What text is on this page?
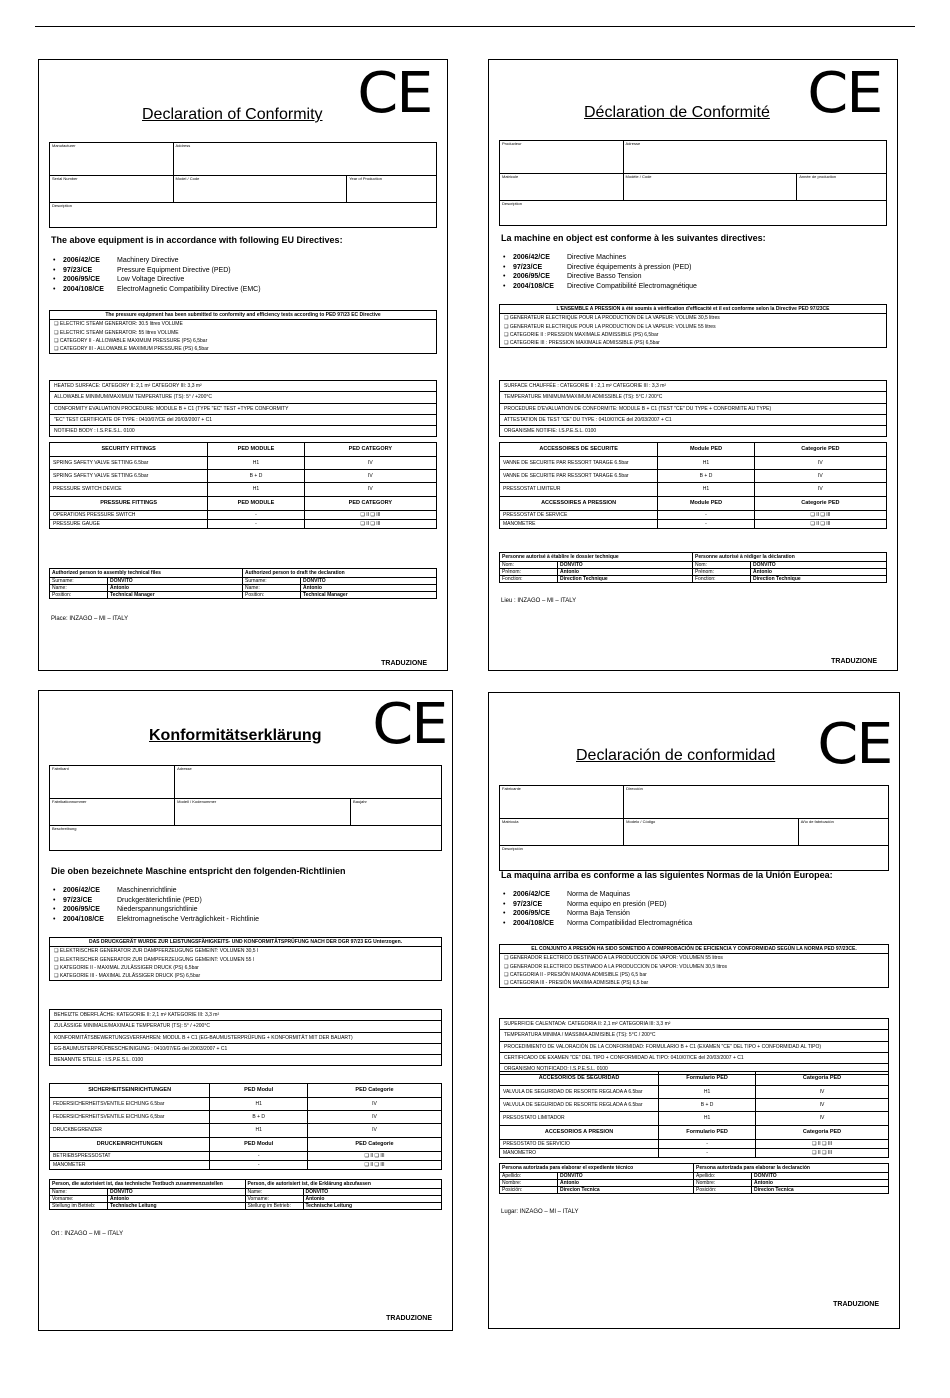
Declaration of Conformity CE
Manufacturer	Address
Serial Number	Model / Code	Year of Production
Description
The above equipment is in accordance with following EU Directives:
• 2006/42/CE	Machinery Directive
• 97/23/CE	Pressure Equipment Directive (PED)
• 2006/95/CE	Low Voltage Directive
• 2004/108/CE	ElectroMagnetic Compatibility Directive (EMC)
The pressure equipment has been submitted to conformity and efficiency tests according to PED 97/23 EC Directive
❑ ELECTRIC STEAM GENERATOR: 30.5 litres VOLUME
❑ ELECTRIC STEAM GENERATOR: 55 litres VOLUME
❑ CATEGORY II - ALLOWABLE MAXIMUM PRESSURE (PS) 6,5bar
❑ CATEGORY III - ALLOWABLE MAXIMUM PRESSURE (PS) 6,5bar
HEATED SURFACE: CATEGORY II: 2,1 m² CATEGORY III: 3,3 m²
ALLOWABLE MINIMUM/MAXIMUM TEMPERATURE (TS): 5° / +200°C
CONFORMITY EVALUATION PROCEDURE: MODULE B + C1 (TYPE "EC" TEST +TYPE CONFORMITY
"EC" TEST CERTIFICATE OF TYPE : 0410/07/CE del 20/03/2007 + C1
NOTIFIED BODY : I.S.P.E.S.L. 0100
SECURITY FITTINGS	PED MODULE	PED CATEGORY
SPRING SAFETY VALVE SETTING 6.5bar	H1	IV
SPRING SAFETY VALVE SETTING 6.5bar	B + D	IV
PRESSURE SWITCH DEVICE	H1	IV
PRESSURE FITTINGS	PED MODULE	PED CATEGORY
OPERATIONS PRESSURE SWITCH	-	❑ II ❑ III
PRESSURE GAUGE	-	❑ II ❑ III
Authorized person to assembly technical files
Surname:	DONVITO
Name:	Antonio
Position:	Technical Manager
Authorized person to draft the declaration
Surname:	DONVITO
Name:	Antonio
Position:	Technical Manager
Place: INZAGO – MI – ITALY
TRADUZIONE
Déclaration de Conformité CE
Producteur	Adresse
Matricule	Modèle / Code	Année de production
Description
La machine en object est conforme à les suivantes directives:
• 2006/42/CE	Directive Machines
• 97/23/CE	Directive équipements à pression (PED)
• 2006/95/CE	Directive Basso Tension
• 2004/108/CE	Directive Compatibilité Electromagnétique
L'ENSEMBLE A PRESSION à été soumis à vérification d'efficacité et il est conforme selon la Directive PED 97/23CE
❑ GENERATEUR ELECTRIQUE POUR LA PRODUCTION DE LA VAPEUR: VOLUME 30,5 litres
❑ GENERATEUR ELECTRIQUE POUR LA PRODUCTION DE LA VAPEUR: VOLUME 55 litres
❑ CATEGORIE II : PRESSION MAXIMALE ADMISSIBLE (PS) 6,5bar
❑ CATEGORIE III : PRESSION MAXIMALE ADMISSIBLE (PS) 6,5bar
SURFACE CHAUFFÉE : CATEGORIE II : 2,1 m² CATEGORIE III : 3,3 m²
TEMPERATURE MINIMUM/MAXIMUM ADMISSIBLE (TS): 5°C / 200°C
PROCEDURE D'EVALUATION DE CONFORMITE: MODULE B + C1 (TEST "CE" DU TYPE + CONFORMITE AU TYPE)
ATTESTATION DE TEST "CE" DU TYPE : 0410/07/CE del 20/03/2007 + C1
ORGANISME NOTIFIE: I.S.P.E.S.L. 0100
ACCESSOIRES DE SECURITE	Module PED	Categorie PED
VANNE DE SECURITE PAR RESSORT TARAGE 6.5bar	H1	IV
VANNE DE SECURITE PAR RESSORT TARAGE 6.5bar	B + D	IV
PRESSOSTAT LIMITEUR	H1	IV
ACCESSOIRES A PRESSION	Module PED	Categorie PED
PRESSOSTAT DE SERVICE	-	❑ II ❑ III
MANOMETRE	-	❑ II ❑ III
Personne autorisé à établire le dossier technique
Nom:	DONVITO
Prénom:	Antonio
Fonction:	Direction Technique
Personne autorisé à rédiger la déclaration
Nom:	DONVITO
Prénom:	Antonio
Fonction:	Direction Technique
Lieu : INZAGO – MI – ITALY
TRADUZIONE
Konformitätserklärung CE
Fabrikant	Adresse
Fabrikationnummer	Modell / Kodenummer	Baujahr
Beschreibung
Die oben bezeichnete Maschine entspricht den folgenden-Richtlinien
• 2006/42/CE	Maschinenrichtlinie
• 97/23/CE	Druckgeräterichtlinie (PED)
• 2006/95/CE	Niederspannungsrichtlinie
• 2004/108/CE	Elektromagnetische Verträglichkeit - Richtlinie
DAS DRUCKGERÄT WURDE ZUR LEISTUNGSFÄHIGKEITS- UND KONFORMITÄTSPRÜFUNG NACH DER DGR 97/23 EG Unterzogen.
❑ ELEKTRISCHER GENERATOR ZUR DAMPFERZEUGUNG GEMEINT: VOLUMEN 30,5 l
❑ ELEKTRISCHER GENERATOR ZUR DAMPFERZEUGUNG GEMEINT: VOLUMEN 55 l
❑ KATEGORIE II - MAXIMAL ZULÄSSIGER DRUCK (PS) 6,5bar
❑ KATEGORIE III - MAXIMAL ZULÄSSIGER DRUCK (PS) 6,5bar
BEHEIZTE OBERFLÄCHE: KATEGORIE II: 2,1 m² KATEGORIE III: 3,3 m²
ZULÄSSIGE MINIMALE/MAXIMALE TEMPERATUR (TS): 5° / +200°C
KONFORMITÄTSBEWERTUNGSVERFAHREN: MODUL B + C1 (EG-BAUMUSTERPRÜFUNG + KONFORMITÄT MIT DER BAUART)
EG-BAUMUSTERPRÜFBESCHEINIGUNG : 0410/07/EG dei 20/03/2007 + C1
BENANNTE STELLE : I.S.P.E.S.L. 0100
SICHERHEITSEINRICHTUNGEN	PED Modul	PED Categorie
FEDERSICHERHEITSVENTILE EICHUNG 6.5bar	H1	IV
FEDERSICHERHEITSVENTILE EICHUNG 6,5bar	B + D	IV
DRUCKBEGRENZER	H1	IV
DRUCKEINRICHTUNGEN	PED Modul	PED Categorie
BETRIEBSPRESSOSTAT	-	❑ II ❑ III
MANOMETER	-	❑ II ❑ III
Person, die autorisiert ist, das technische Textbuch zusammenzustellen
Name:	DONVITO
Vorname:	Antonio
Stellung im Betrieb:	Technische Leitung
Person, die autorisiert ist, die Erklärung abzufassen
Name:	DONVITO
Vorname:	Antonio
Stellung im Betrieb:	Technische Leitung
Ort : INZAGO – MI – ITALY
TRADUZIONE
Declaración de conformidad CE
Fabricante	Dirección
Matrícula	Modelo / Código	Año de fabricación
Descripción
La maquina arriba es conforme a las siguientes Normas de la Unión Europea:
• 2006/42/CE	Norma de Maquinas
• 97/23/CE	Norma equipo en presión (PED)
• 2006/95/CE	Norma Baja Tensión
• 2004/108/CE	Norma Compatibilidad Electromagnética
EL CONJUNTO A PRESIÓN HA SIDO SOMETIDO A COMPROBACIÓN DE EFICIENCIA Y CONFORMIDAD SEGÚN LA NORMA PED 97/23CE.
❑ GENERADOR ELECTRICO DESTINADO A LA PRODUCCION DE VAPOR: VOLUMEN 55 litros
❑ GENERADOR ELECTRICO DESTINADO A LA PRODUCCION DE VAPOR: VOLUMEN 30,5 litros
❑ CATEGORIA II - PRESIÓN MAXIMA ADMISIBLE (PS) 6,5 bar
❑ CATEGORIA III - PRESIÓN MAXIMA ADMISIBLE (PS) 6,5 bar
SUPERFICIE CALENTADA: CATEGORIA II: 2,1 m² CATEGORIA III: 3,3 m²
TEMPERATURA MINIMA / MASSIMA ADMISIBLE (TS): 5°C / 200°C
PROCEDIMIENTO DE VALORACIÓN DE LA CONFORMIDAD: FORMULARIO B + C1 (EXAMEN "CE" DEL TIPO + CONFORMIDAD AL TIPO)
CERTIFICADO DE EXAMEN "CE" DEL TIPO + CONFORMIDAD AL TIPO: 0410/07/CE del 20/03/2007 + C1
ORGANISMO NOTIFICADO: I.S.P.E.S.L. 0100
ACCESORIOS DE SEGURIDAD	Formulario PED	Categoria PED
VALVULA DE SEGURIDAD DE RESORTE REGLADA A 6.5bar	H1	IV
VALVULA DE SEGURIDAD DE RESORTE REGLADA A 6.5bar	B + D	IV
PRESOSTATO LIMITADOR	H1	IV
ACCESORIOS A PRESION	Formulario PED	Categoria PED
PRESOSTATO DE SERVICIO	-	❑ II ❑ III
MANOMETRO	-	❑ II ❑ III
Persona autorizada para elaborar el expediente técnico
Apellido:	DONVITO
Nombre:	Antonio
Posición:	Direcion Tecnica
Persona autorizada para elaborar la declaración
Apellido:	DONVITO
Nombre:	Antonio
Posición:	Direcion Tecnica
Lugar: INZAGO – MI – ITALY
TRADUZIONE
